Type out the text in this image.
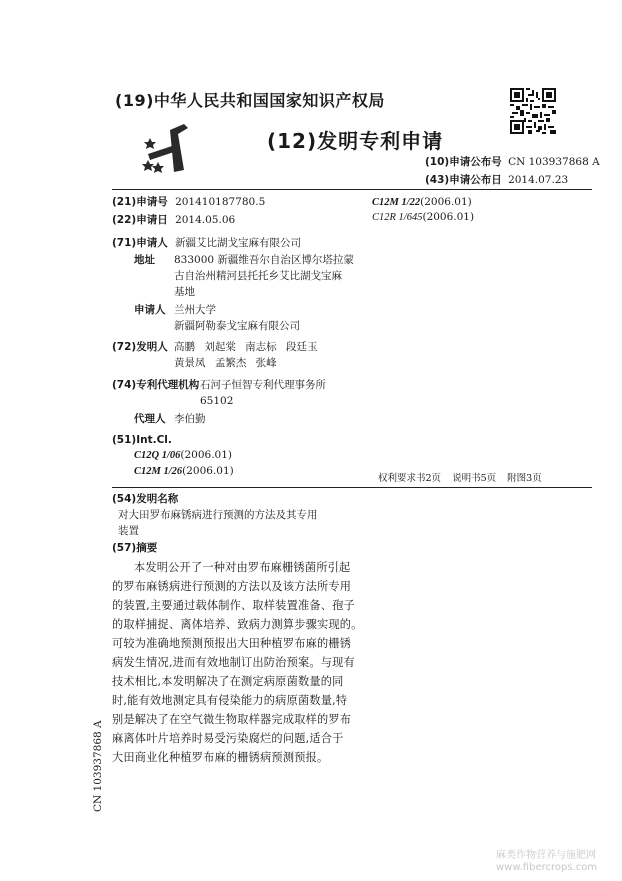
(19)中华人民共和国国家知识产权局
(12)发明专利申请
(10)申请公布号 CN 103937868 A
(43)申请公布日 2014.07.23
(21)申请号 201410187780.5
(22)申请日 2014.05.06
(71)申请人 新疆艾比湖戈宝麻有限公司
地址 833000 新疆维吾尔自治区博尔塔拉蒙
古自治州精河县托托乡艾比湖戈宝麻
基地
申请人 兰州大学
新疆阿勒泰戈宝麻有限公司
(72)发明人 高鹏 刘起棠 南志标 段廷玉
黄景凤 孟繁杰 张峰
(74)专利代理机构 石河子恒智专利代理事务所
65102
代理人 李伯勤
(51)Int.Cl.
C12Q 1/06(2006.01)
C12M 1/26(2006.01)
C12M 1/22(2006.01)
C12R 1/645(2006.01)
权利要求书2页 说明书5页 附图3页
(54)发明名称
对大田罗布麻锈病进行预测的方法及其专用
装置
(57)摘要
本发明公开了一种对由罗布麻栅锈菌所引起
的罗布麻锈病进行预测的方法以及该方法所专用
的装置,主要通过载体制作、取样装置准备、孢子
的取样捕捉、离体培养、致病力测算步骤实现的。
可较为准确地预测预报出大田种植罗布麻的栅锈
病发生情况,进而有效地制订出防治预案。与现有
技术相比,本发明解决了在测定病原菌数量的同
时,能有效地测定具有侵染能力的病原菌数量,特
别是解决了在空气微生物取样器完成取样的罗布
麻离体叶片培养时易受污染腐烂的问题,适合于
大田商业化种植罗布麻的栅锈病预测预报。
CN 103937868 A
麻类作物营养与施肥网
www.fibercrops.com
